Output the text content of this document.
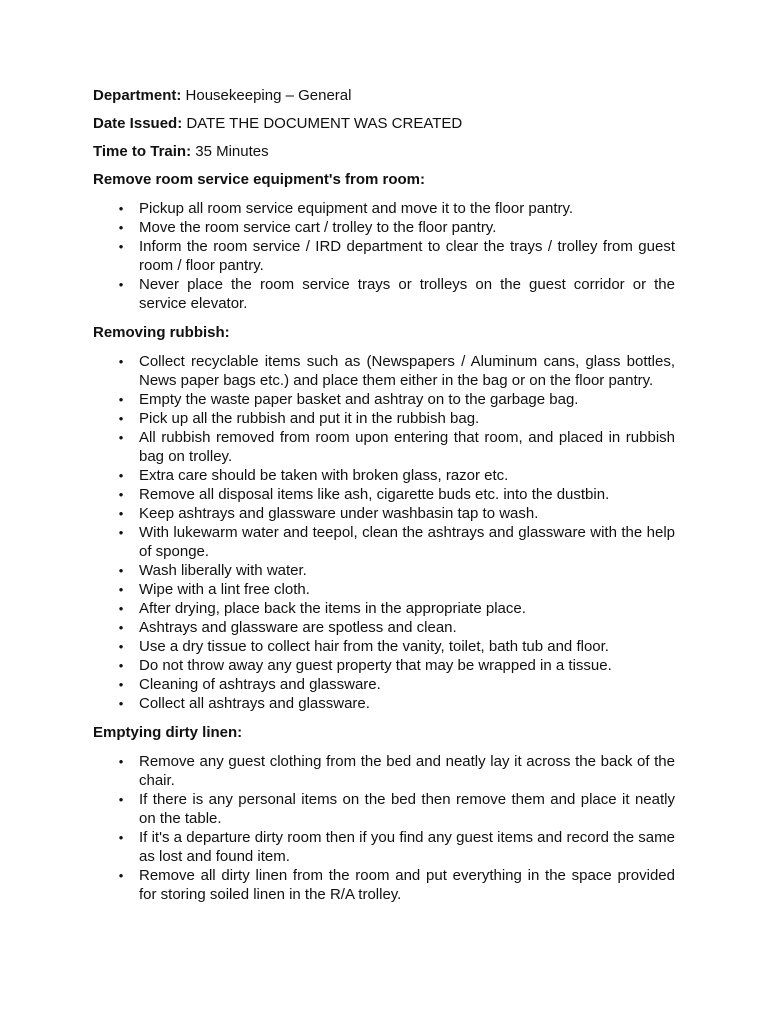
Department: Housekeeping – General
Date Issued: DATE THE DOCUMENT WAS CREATED
Time to Train: 35 Minutes
Remove room service equipment's from room:
• Pickup all room service equipment and move it to the floor pantry.
• Move the room service cart / trolley to the floor pantry.
• Inform the room service / IRD department to clear the trays / trolley from guest room / floor pantry.
• Never place the room service trays or trolleys on the guest corridor or the service elevator.
Removing rubbish:
• Collect recyclable items such as (Newspapers / Aluminum cans, glass bottles, News paper bags etc.) and place them either in the bag or on the floor pantry.
• Empty the waste paper basket and ashtray on to the garbage bag.
• Pick up all the rubbish and put it in the rubbish bag.
• All rubbish removed from room upon entering that room, and placed in rubbish bag on trolley.
• Extra care should be taken with broken glass, razor etc.
• Remove all disposal items like ash, cigarette buds etc. into the dustbin.
• Keep ashtrays and glassware under washbasin tap to wash.
• With lukewarm water and teepol, clean the ashtrays and glassware with the help of sponge.
• Wash liberally with water.
• Wipe with a lint free cloth.
• After drying, place back the items in the appropriate place.
• Ashtrays and glassware are spotless and clean.
• Use a dry tissue to collect hair from the vanity, toilet, bath tub and floor.
• Do not throw away any guest property that may be wrapped in a tissue.
• Cleaning of ashtrays and glassware.
• Collect all ashtrays and glassware.
Emptying dirty linen:
• Remove any guest clothing from the bed and neatly lay it across the back of the chair.
• If there is any personal items on the bed then remove them and place it neatly on the table.
• If it's a departure dirty room then if you find any guest items and record the same as lost and found item.
• Remove all dirty linen from the room and put everything in the space provided for storing soiled linen in the R/A trolley.
